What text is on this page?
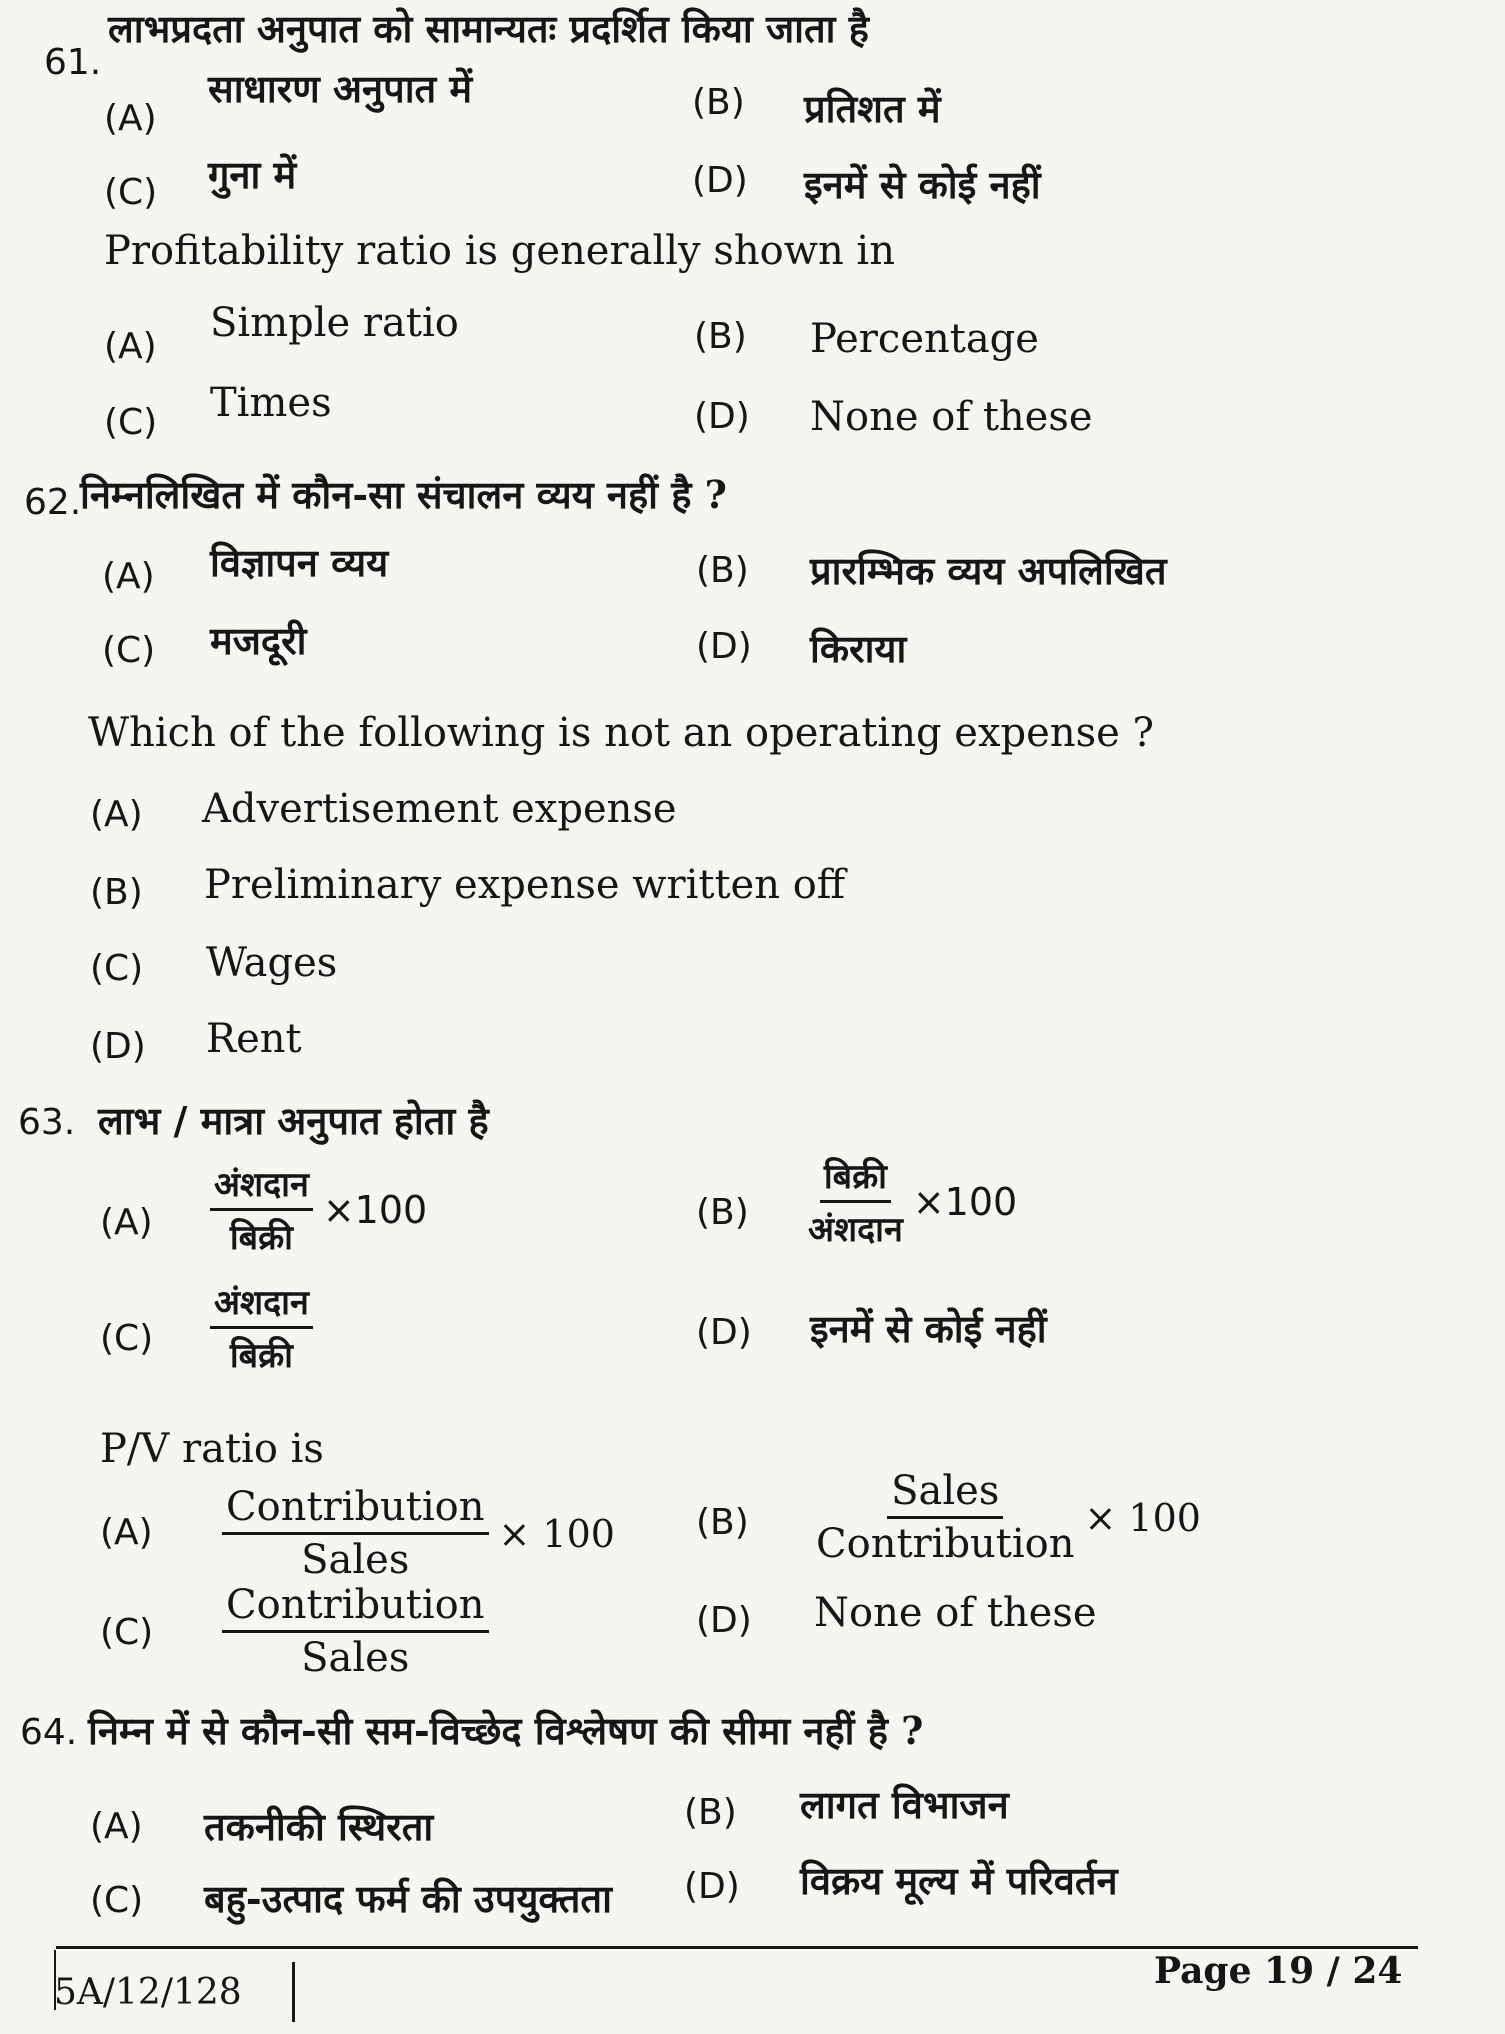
61.
लाभप्रदता अनुपात को सामान्यतः प्रदर्शित किया जाता है
(A)
साधारण अनुपात में	(B) प्रतिशत में
(C) गुना में	(D) इनमें से कोई नहीं
Profitability ratio is generally shown in
(A)
Simple ratio	(B) Percentage
(C) Times	(D) None of these
62.
निम्नलिखित में कौन-सा संचालन व्यय नहीं है ?
(A) विज्ञापन व्यय	(B) प्रारम्भिक व्यय अपलिखित
(C) मजदूरी	(D) किराया
Which of the following is not an operating expense ?
(A) Advertisement expense
(B) Preliminary expense written off
(C) Wages
(D) Rent
63. लाभ / मात्रा अनुपात होता है
$(A) \frac{\text{अंशदान}}{\text{बिक्री}} \times 100$	$(B) \frac{\text{बिक्री}}{\text{अंशदान}} \times 100$
$(C) \frac{\text{अंशदान}}{\text{बिक्री}}$	(D) इनमें से कोई नहीं
P/V ratio is
$(A) \frac{\text{Contribution}}{\text{Sales}} \times 100$ $(B) \frac{\text{Sales}}{\text{Contribution}} \times 100$
$(C) \frac{\text{Contribution}}{\text{Sales}}$	(D) None of these
64. निम्न में से कौन-सी सम-विच्छेद विश्लेषण की सीमा नहीं है ?
(A) तकनीकी स्थिरता	(B) लागत विभाजन
(C) बहु-उत्पाद फर्म की उपयुक्तता (D) विक्रय मूल्य में परिवर्तन
5A/12/128
Page 19 / 24
